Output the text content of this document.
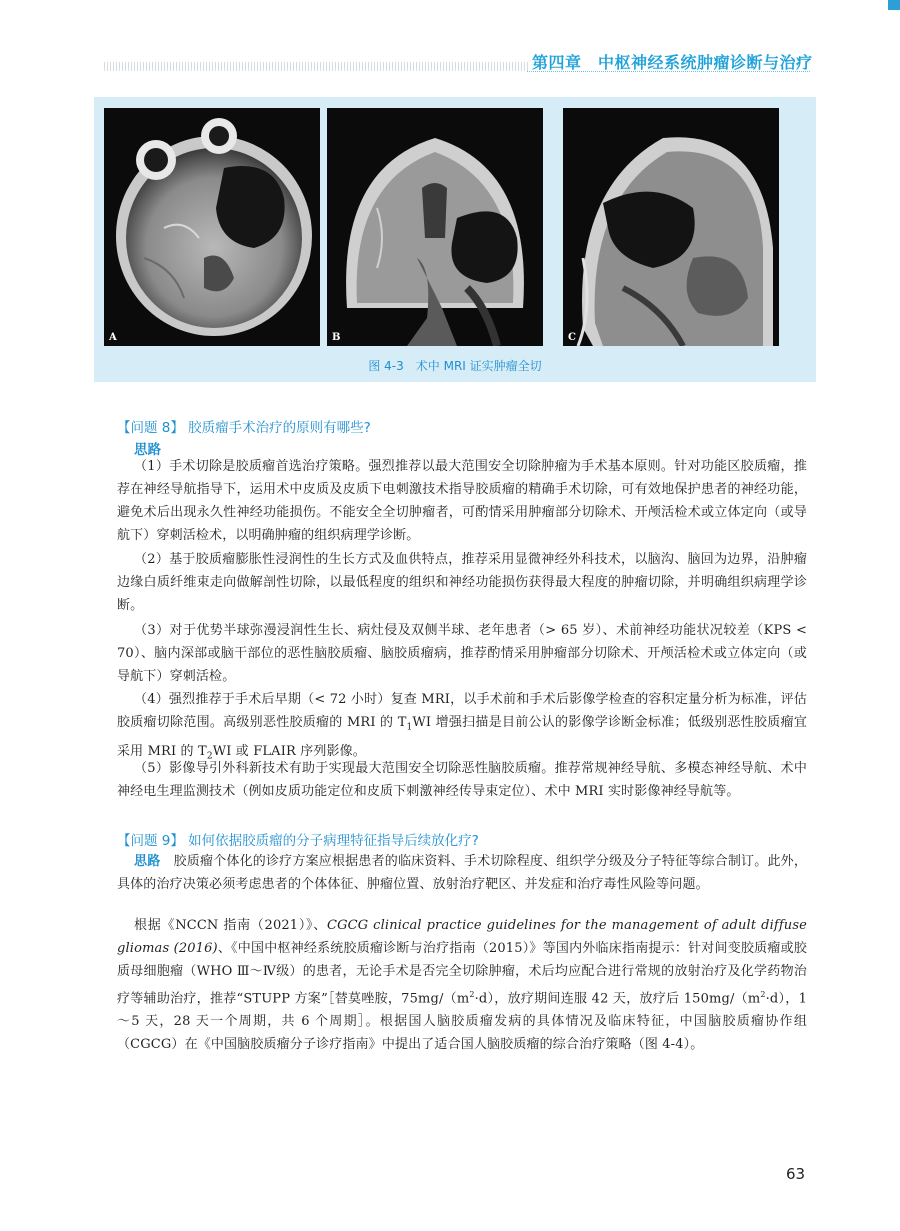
第四章　中枢神经系统肿瘤诊断与治疗
A	B	C
图 4-3　术中 MRI 证实肿瘤全切
【问题 8】 胶质瘤手术治疗的原则有哪些?
思路

（1）手术切除是胶质瘤首选治疗策略。强烈推荐以最大范围安全切除肿瘤为手术基本原则。针对功能区胶质瘤，推荐在神经导航指导下，运用术中皮质及皮质下电刺激技术指导胶质瘤的精确手术切除，可有效地保护患者的神经功能，避免术后出现永久性神经功能损伤。不能安全全切肿瘤者，可酌情采用肿瘤部分切除术、开颅活检术或立体定向（或导航下）穿刺活检术，以明确肿瘤的组织病理学诊断。

（2）基于胶质瘤膨胀性浸润性的生长方式及血供特点，推荐采用显微神经外科技术，以脑沟、脑回为边界，沿肿瘤边缘白质纤维束走向做解剖性切除，以最低程度的组织和神经功能损伤获得最大程度的肿瘤切除，并明确组织病理学诊断。

（3）对于优势半球弥漫浸润性生长、病灶侵及双侧半球、老年患者（> 65 岁）、术前神经功能状况较差（KPS < 70）、脑内深部或脑干部位的恶性脑胶质瘤、脑胶质瘤病，推荐酌情采用肿瘤部分切除术、开颅活检术或立体定向（或导航下）穿刺活检。

（4）强烈推荐于手术后早期（< 72 小时）复查 MRI，以手术前和手术后影像学检查的容积定量分析为标准，评估胶质瘤切除范围。高级别恶性胶质瘤的 MRI 的 $T_1WI$ 增强扫描是目前公认的影像学诊断金标准；低级别恶性胶质瘤宜采用 MRI 的 $T_2WI$ 或 FLAIR 序列影像。

（5）影像导引外科新技术有助于实现最大范围安全切除恶性脑胶质瘤。推荐常规神经导航、多模态神经导航、术中神经电生理监测技术（例如皮质功能定位和皮质下刺激神经传导束定位）、术中 MRI 实时影像神经导航等。

【问题 9】 如何依据胶质瘤的分子病理特征指导后续放化疗?

思路　 胶质瘤个体化的诊疗方案应根据患者的临床资料、手术切除程度、组织学分级及分子特征等综合制订。此外，具体的治疗决策必须考虑患者的个体体征、肿瘤位置、放射治疗靶区、并发症和治疗毒性风险等问题。

根据《NCCN 指南（2021）》、CGCG clinical practice guidelines for the management of adult diffuse gliomas (2016)、《中国中枢神经系统胶质瘤诊断与治疗指南（2015）》等国内外临床指南提示：针对间变胶质瘤或胶质母细胞瘤（WHO Ⅲ～Ⅳ级）的患者，无论手术是否完全切除肿瘤，术后均应配合进行常规的放射治疗及化学药物治疗等辅助治疗，推荐“STUPP 方案”［替莫唑胺，$75mg/(m^2\cdot d)$，放疗期间连服 42 天，放疗后 $150mg/(m^2\cdot d)$，1～5 天，28 天一个周期，共 6 个周期］。根据国人脑胶质瘤发病的具体情况及临床特征，中国脑胶质瘤协作组（CGCG）在《中国脑胶质瘤分子诊疗指南》中提出了适合国人脑胶质瘤的综合治疗策略（图 4-4）。

63
